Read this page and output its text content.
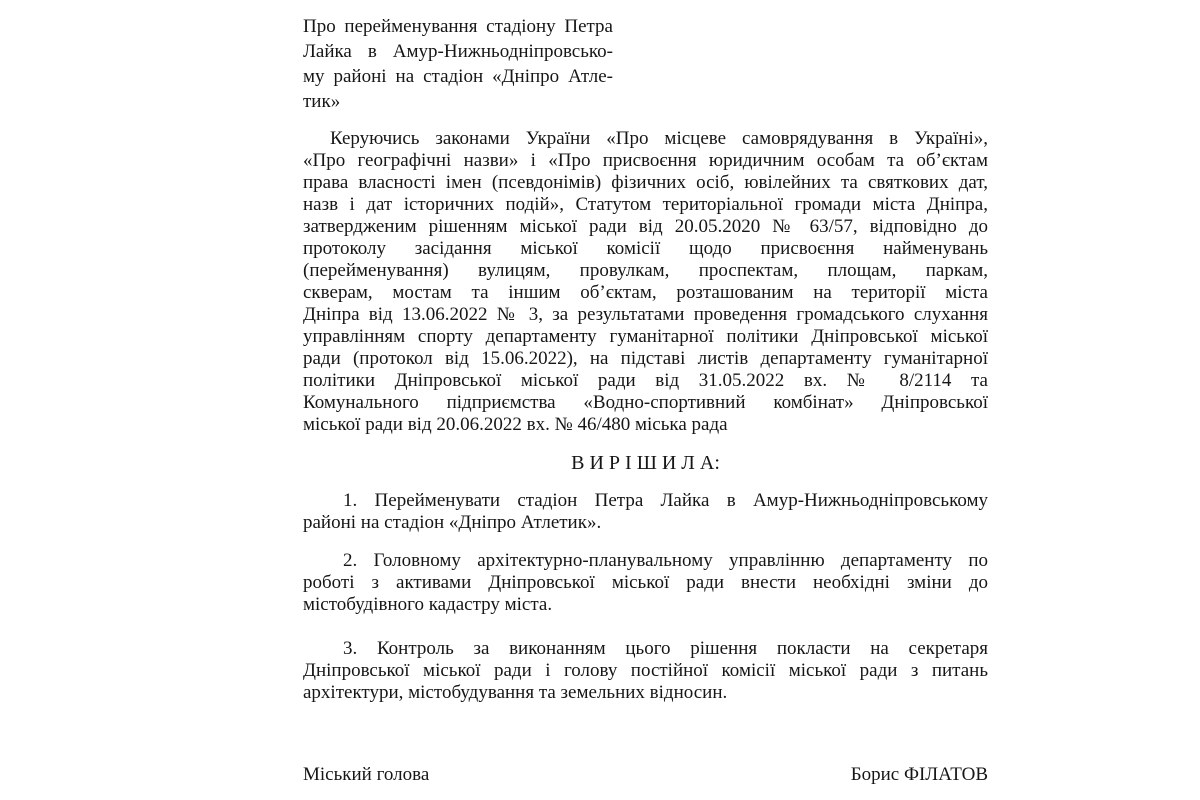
Про перейменування стадіону Петра
Лайка в Амур-Нижньодніпровсько-
му районі на стадіон «Дніпро Атле-
тик»
Керуючись законами України «Про місцеве самоврядування в Україні»,
«Про географічні назви» і «Про присвоєння юридичним особам та об’єктам
права власності імен (псевдонімів) фізичних осіб, ювілейних та святкових дат,
назв і дат історичних подій», Статутом територіальної громади міста Дніпра,
затвердженим рішенням міської ради від 20.05.2020 № 63/57, відповідно до
протоколу засідання міської комісії щодо присвоєння найменувань
(перейменування) вулицям, провулкам, проспектам, площам, паркам,
скверам, мостам та іншим об’єктам, розташованим на території міста
Дніпра від 13.06.2022 № 3, за результатами проведення громадського слухання
управлінням спорту департаменту гуманітарної політики Дніпровської міської
ради (протокол від 15.06.2022), на підставі листів департаменту гуманітарної
політики Дніпровської міської ради від 31.05.2022 вх. № 8/2114 та
Комунального підприємства «Водно-спортивний комбінат» Дніпровської
міської ради від 20.06.2022 вх. № 46/480 міська рада
В И Р І Ш И Л А:
1. Перейменувати стадіон Петра Лайка в Амур-Нижньодніпровському
районі на стадіон «Дніпро Атлетик».
2. Головному архітектурно-планувальному управлінню департаменту по
роботі з активами Дніпровської міської ради внести необхідні зміни до
містобудівного кадастру міста.
3. Контроль за виконанням цього рішення покласти на секретаря
Дніпровської міської ради і голову постійної комісії міської ради з питань
архітектури, містобудування та земельних відносин.
Міський голова	Борис ФІЛАТОВ
